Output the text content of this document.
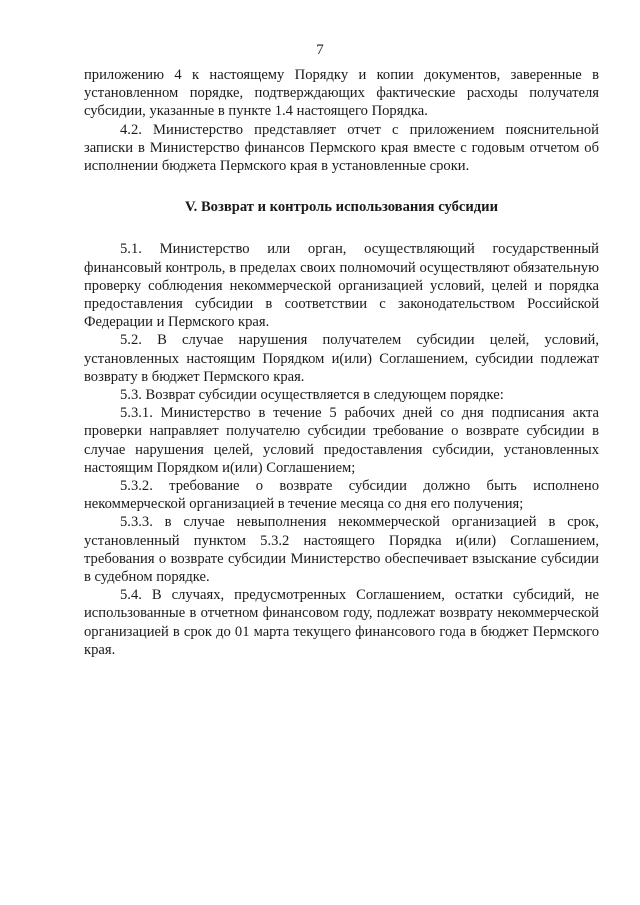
7

приложению 4 к настоящему Порядку и копии документов, заверенные в установленном порядке, подтверждающих фактические расходы получателя субсидии, указанные в пункте 1.4 настоящего Порядка.

4.2. Министерство представляет отчет с приложением пояснительной записки в Министерство финансов Пермского края вместе с годовым отчетом об исполнении бюджета Пермского края в установленные сроки.

V. Возврат и контроль использования субсидии

5.1. Министерство или орган, осуществляющий государственный финансовый контроль, в пределах своих полномочий осуществляют обязательную проверку соблюдения некоммерческой организацией условий, целей и порядка предоставления субсидии в соответствии с законодательством Российской Федерации и Пермского края.

5.2. В случае нарушения получателем субсидии целей, условий, установленных настоящим Порядком и(или) Соглашением, субсидии подлежат возврату в бюджет Пермского края.

5.3. Возврат субсидии осуществляется в следующем порядке:

5.3.1. Министерство в течение 5 рабочих дней со дня подписания акта проверки направляет получателю субсидии требование о возврате субсидии в случае нарушения целей, условий предоставления субсидии, установленных настоящим Порядком и(или) Соглашением;

5.3.2. требование о возврате субсидии должно быть исполнено некоммерческой организацией в течение месяца со дня его получения;

5.3.3. в случае невыполнения некоммерческой организацией в срок, установленный пунктом 5.3.2 настоящего Порядка и(или) Соглашением, требования о возврате субсидии Министерство обеспечивает взыскание субсидии в судебном порядке.

5.4. В случаях, предусмотренных Соглашением, остатки субсидий, не использованные в отчетном финансовом году, подлежат возврату некоммерческой организацией в срок до 01 марта текущего финансового года в бюджет Пермского края.
